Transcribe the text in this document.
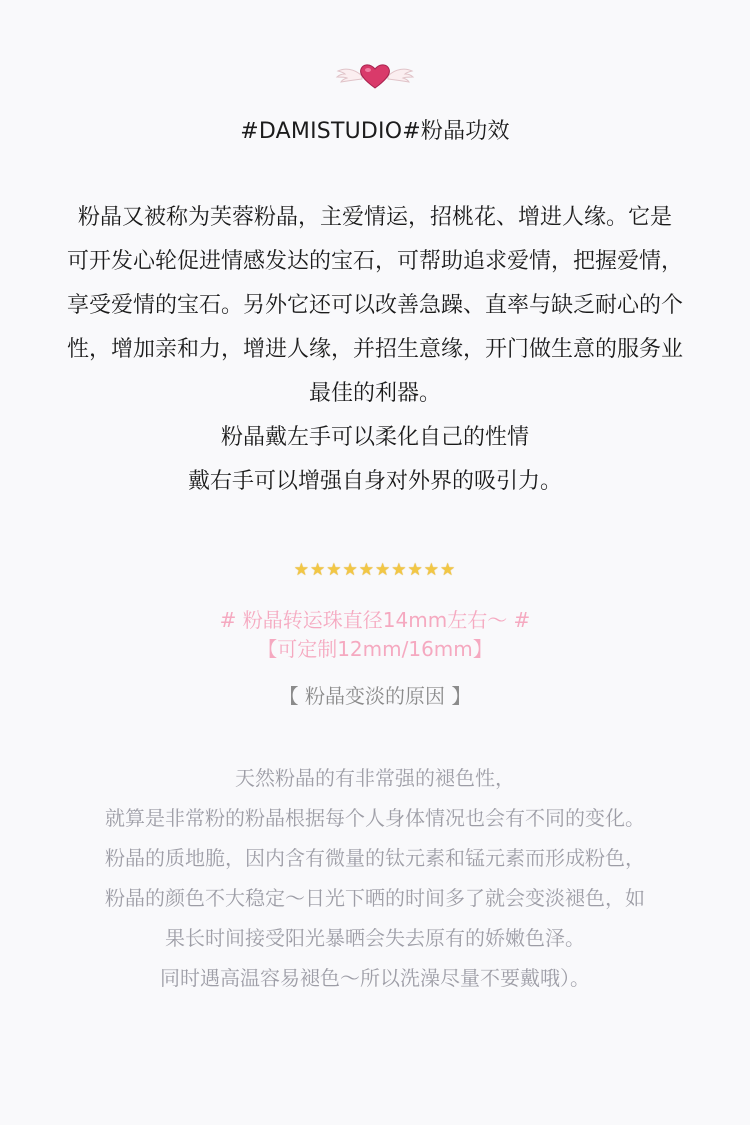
#DAMISTUDIO#粉晶功效

粉晶又被称为芙蓉粉晶，主爱情运，招桃花、增进人缘。它是

可开发心轮促进情感发达的宝石，可帮助追求爱情，把握爱情，

享受爱情的宝石。另外它还可以改善急躁、直率与缺乏耐心的个

性，增加亲和力，增进人缘，并招生意缘，开门做生意的服务业

最佳的利器。

粉晶戴左手可以柔化自己的性情

戴右手可以增强自身对外界的吸引力。

★★★★★★★★★★
# 粉晶转运珠直径14mm左右～ #
【可定制12mm/16mm】
【 粉晶变淡的原因 】

天然粉晶的有非常强的褪色性，

就算是非常粉的粉晶根据每个人身体情况也会有不同的变化。

粉晶的质地脆，因内含有微量的钛元素和锰元素而形成粉色，

粉晶的颜色不大稳定～日光下晒的时间多了就会变淡褪色，如

果长时间接受阳光暴晒会失去原有的娇嫩色泽。

同时遇高温容易褪色～所以洗澡尽量不要戴哦）。
